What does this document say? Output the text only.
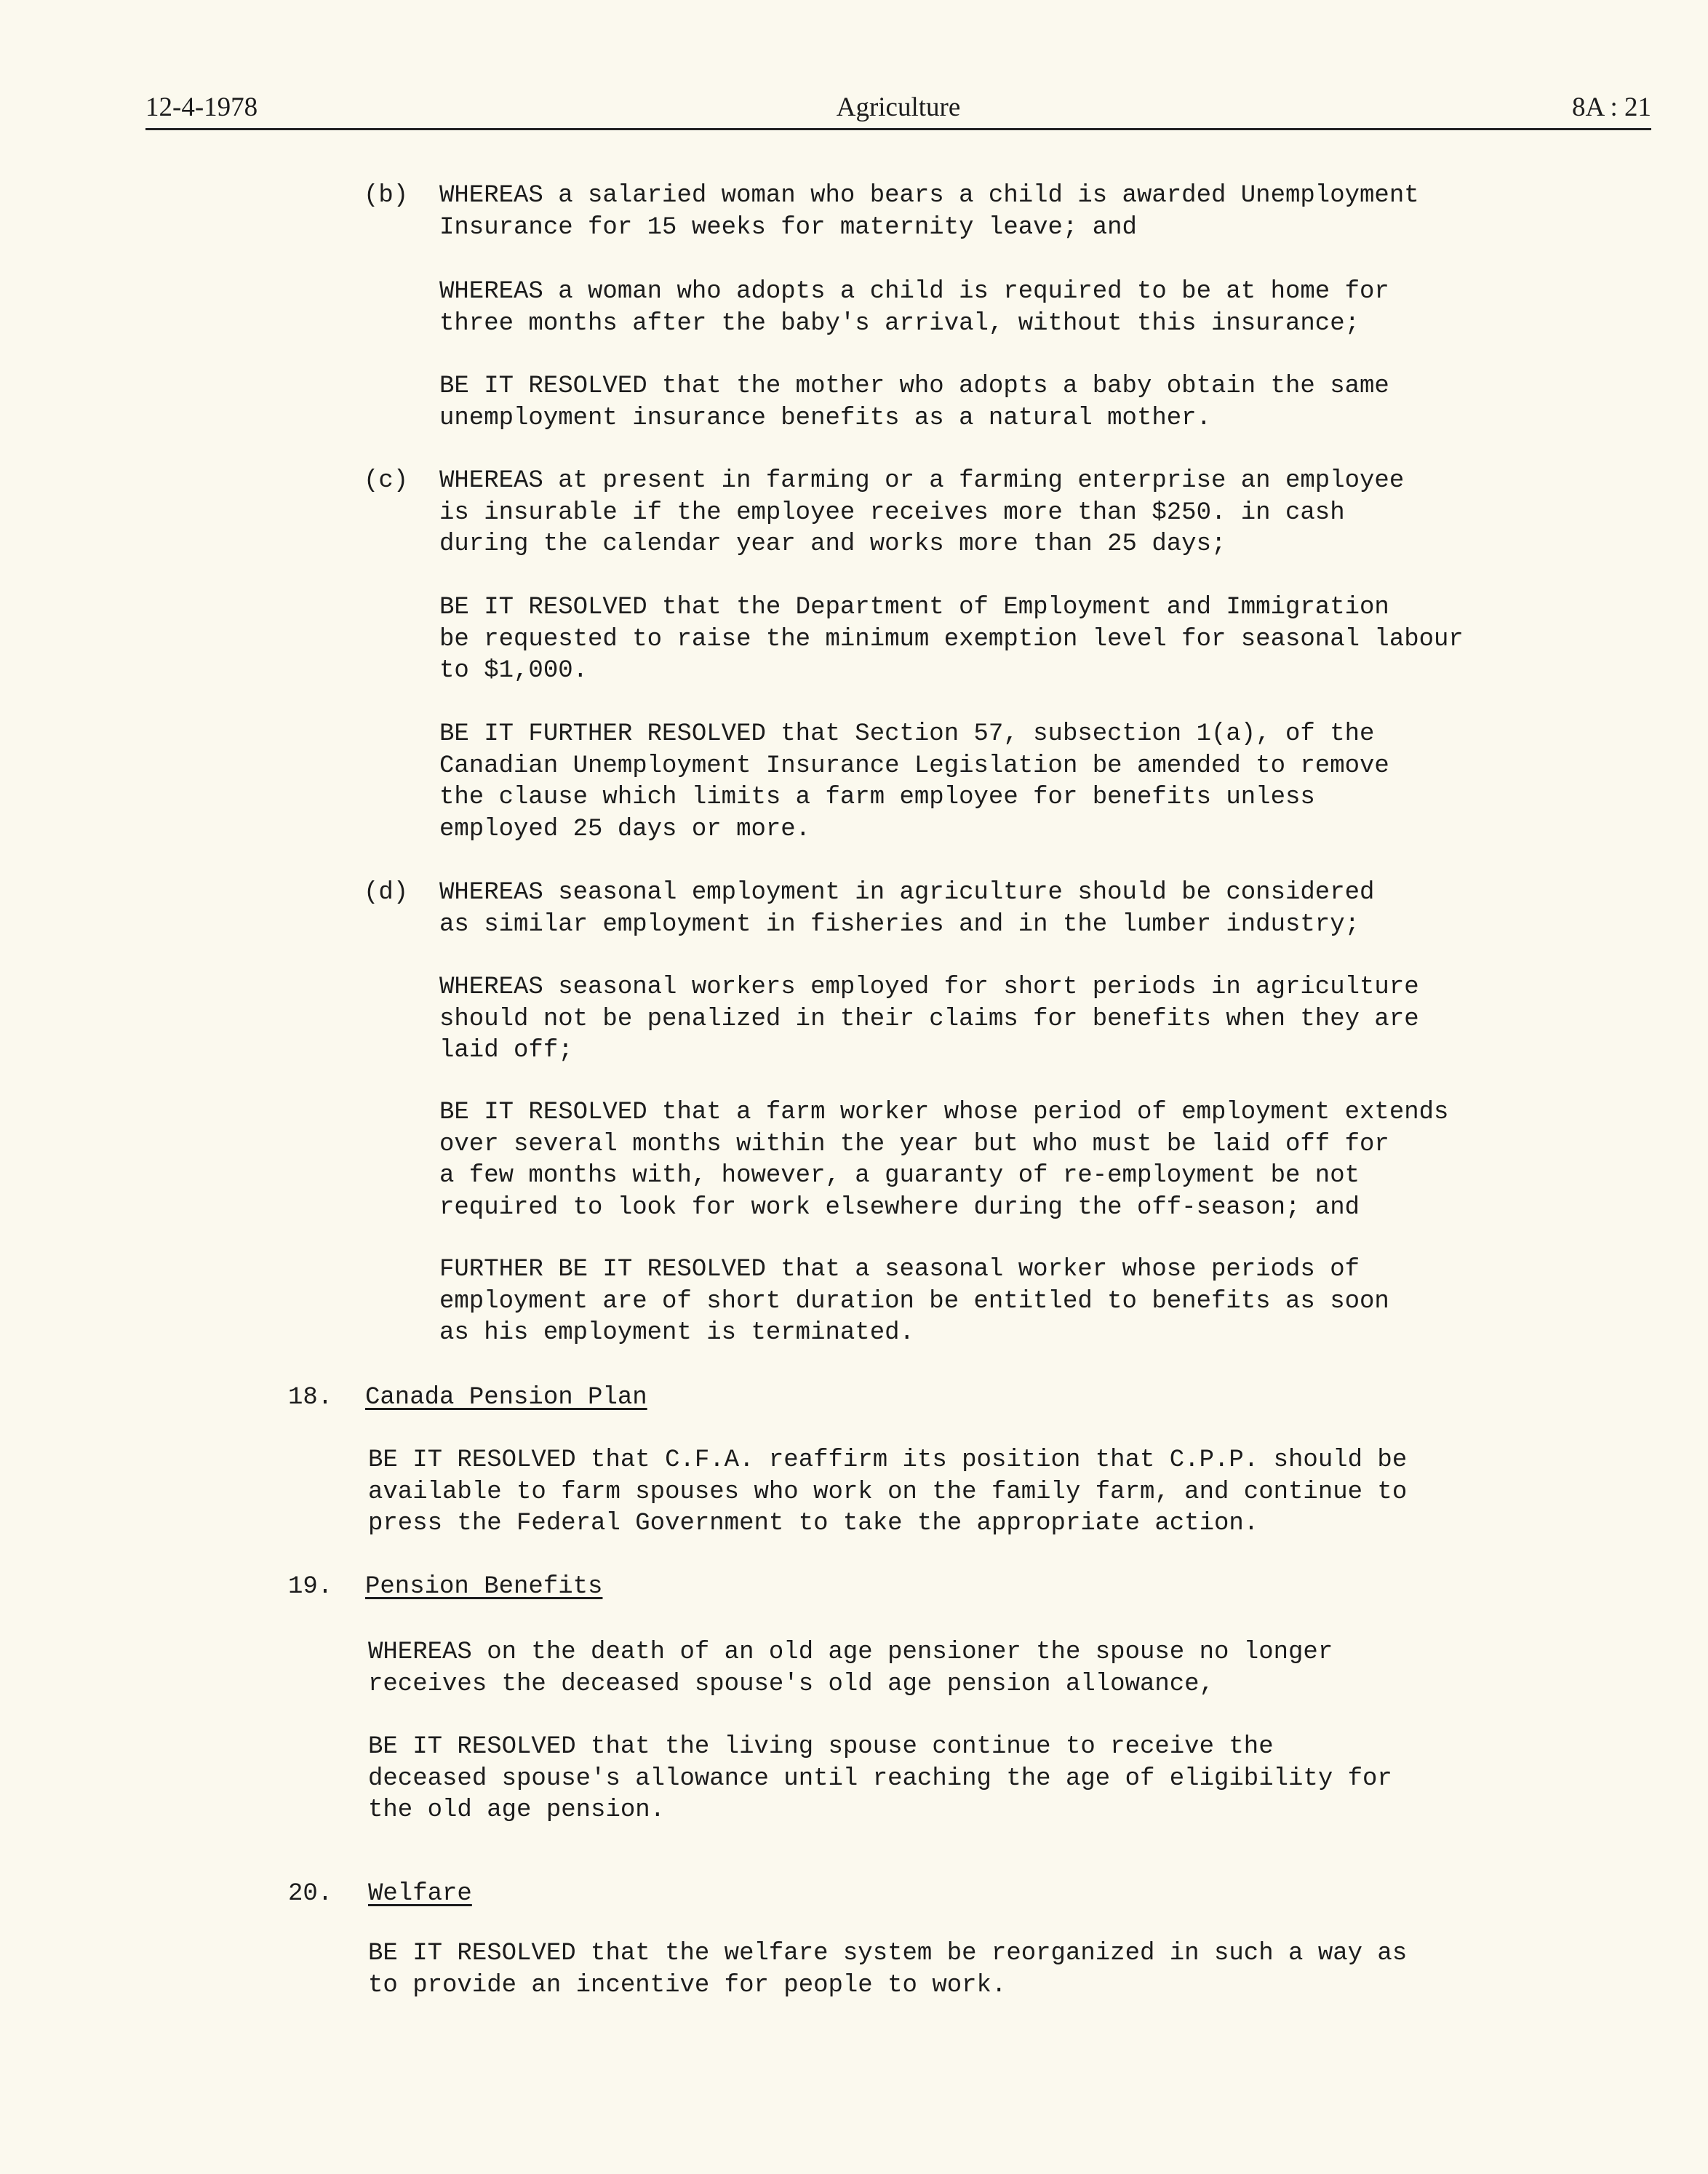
12-4-1978	Agriculture	8A : 21
(b) WHEREAS a salaried woman who bears a child is awarded Unemployment
Insurance for 15 weeks for maternity leave; and
WHEREAS a woman who adopts a child is required to be at home for
three months after the baby's arrival, without this insurance;
BE IT RESOLVED that the mother who adopts a baby obtain the same
unemployment insurance benefits as a natural mother.
(c) WHEREAS at present in farming or a farming enterprise an employee
is insurable if the employee receives more than $250. in cash
during the calendar year and works more than 25 days;
BE IT RESOLVED that the Department of Employment and Immigration
be requested to raise the minimum exemption level for seasonal labour
to $1,000.
BE IT FURTHER RESOLVED that Section 57, subsection 1(a), of the
Canadian Unemployment Insurance Legislation be amended to remove
the clause which limits a farm employee for benefits unless
employed 25 days or more.
(d) WHEREAS seasonal employment in agriculture should be considered
as similar employment in fisheries and in the lumber industry;
WHEREAS seasonal workers employed for short periods in agriculture
should not be penalized in their claims for benefits when they are
laid off;
BE IT RESOLVED that a farm worker whose period of employment extends
over several months within the year but who must be laid off for
a few months with, however, a guaranty of re-employment be not
required to look for work elsewhere during the off-season; and
FURTHER BE IT RESOLVED that a seasonal worker whose periods of
employment are of short duration be entitled to benefits as soon
as his employment is terminated.
18. Canada Pension Plan
BE IT RESOLVED that C.F.A. reaffirm its position that C.P.P. should be
available to farm spouses who work on the family farm, and continue to
press the Federal Government to take the appropriate action.
19. Pension Benefits
WHEREAS on the death of an old age pensioner the spouse no longer
receives the deceased spouse's old age pension allowance,
BE IT RESOLVED that the living spouse continue to receive the
deceased spouse's allowance until reaching the age of eligibility for
the old age pension.
20. Welfare
BE IT RESOLVED that the welfare system be reorganized in such a way as
to provide an incentive for people to work.
